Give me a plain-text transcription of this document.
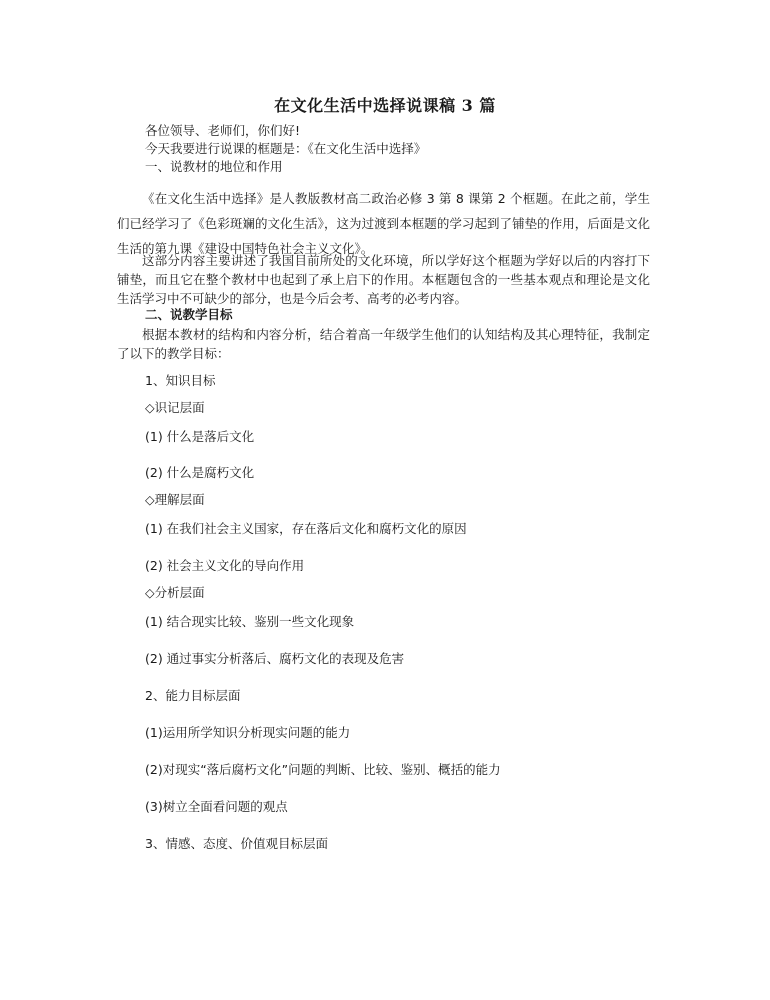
在文化生活中选择说课稿 3 篇
各位领导、老师们，你们好!
今天我要进行说课的框题是：《在文化生活中选择》
一、说教材的地位和作用
《在文化生活中选择》是人教版教材高二政治必修 3 第 8 课第 2 个框题。在此之前，学生们已经学习了《色彩斑斓的文化生活》，这为过渡到本框题的学习起到了铺垫的作用，后面是文化生活的第九课《建设中国特色社会主义文化》。
这部分内容主要讲述了我国目前所处的文化环境，所以学好这个框题为学好以后的内容打下铺垫，而且它在整个教材中也起到了承上启下的作用。本框题包含的一些基本观点和理论是文化生活学习中不可缺少的部分，也是今后会考、高考的必考内容。
二、说教学目标
根据本教材的结构和内容分析，结合着高一年级学生他们的认知结构及其心理特征，我制定了以下的教学目标：
1、知识目标
◇识记层面
(1) 什么是落后文化
(2) 什么是腐朽文化
◇理解层面
(1) 在我们社会主义国家，存在落后文化和腐朽文化的原因
(2) 社会主义文化的导向作用
◇分析层面
(1) 结合现实比较、鉴别一些文化现象
(2) 通过事实分析落后、腐朽文化的表现及危害
2、能力目标层面
(1)运用所学知识分析现实问题的能力
(2)对现实“落后腐朽文化”问题的判断、比较、鉴别、概括的能力
(3)树立全面看问题的观点
3、情感、态度、价值观目标层面
